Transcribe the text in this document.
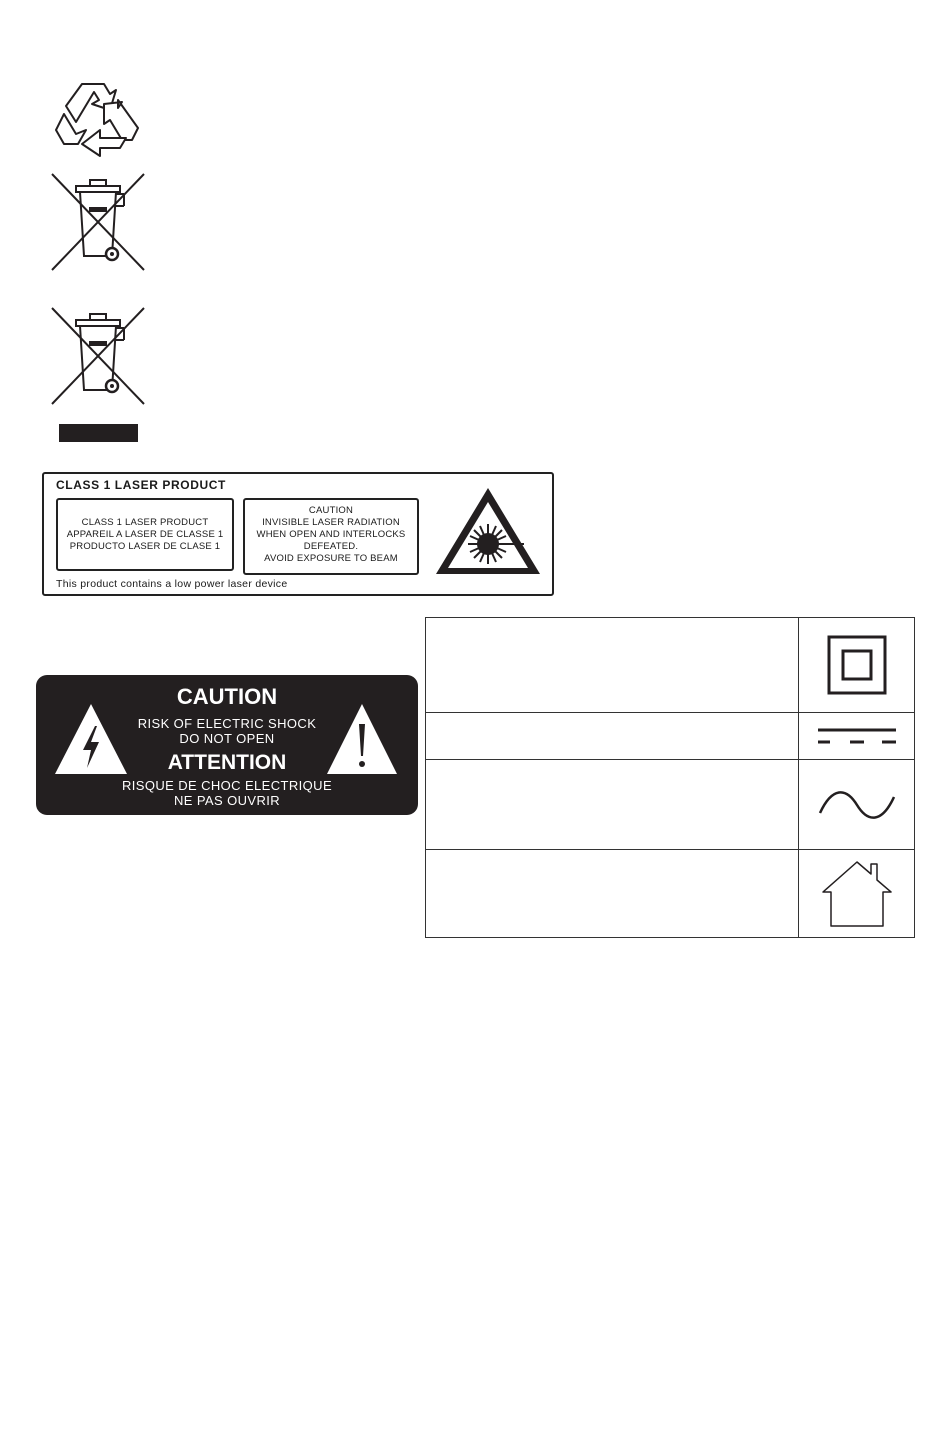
CLASS 1 LASER PRODUCT
CLASS 1 LASER PRODUCT
APPAREIL A LASER DE CLASSE 1
PRODUCTO LASER DE CLASE 1
CAUTION
INVISIBLE LASER RADIATION
WHEN OPEN AND INTERLOCKS
DEFEATED.
AVOID EXPOSURE TO BEAM
This product contains a low power laser device
CAUTION
RISK OF ELECTRIC SHOCK
DO NOT OPEN
ATTENTION
RISQUE DE CHOC ELECTRIQUE
NE PAS OUVRIR
